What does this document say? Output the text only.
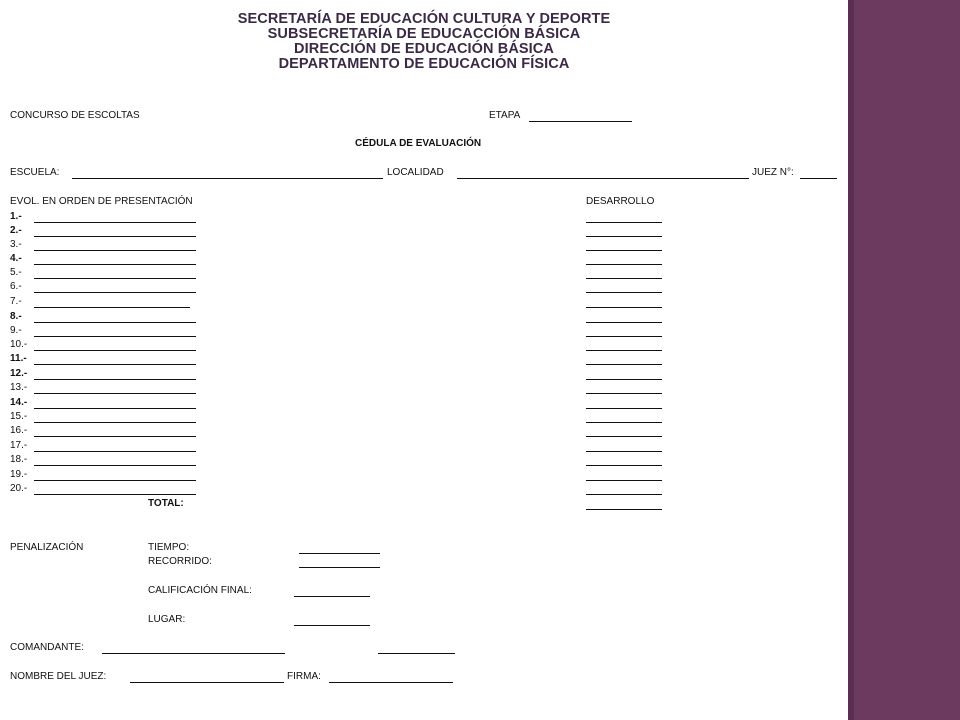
SECRETARÍA DE EDUCACIÓN CULTURA Y DEPORTE
SUBSECRETARÍA DE EDUCACCIÓN BÁSICA
DIRECCIÓN DE EDUCACIÓN BÁSICA
DEPARTAMENTO DE EDUCACIÓN FÍSICA
CONCURSO DE ESCOLTAS	ETAPA
CÉDULA DE EVALUACIÓN
ESCUELA:	LOCALIDAD	JUEZ N°:
EVOL. EN ORDEN DE PRESENTACIÓN	DESARROLLO
1.-
2.-
3.-
4.-
5.-
6.-
7.-
8.-
9.-
10.-
11.-
12.-
13.-
14.-
15.-
16.-
17.-
18.-
19.-
20.-
TOTAL:
PENALIZACIÓN	TIEMPO:
RECORRIDO:
CALIFICACIÓN FINAL:
LUGAR:
COMANDANTE:
NOMBRE DEL JUEZ:	FIRMA:
